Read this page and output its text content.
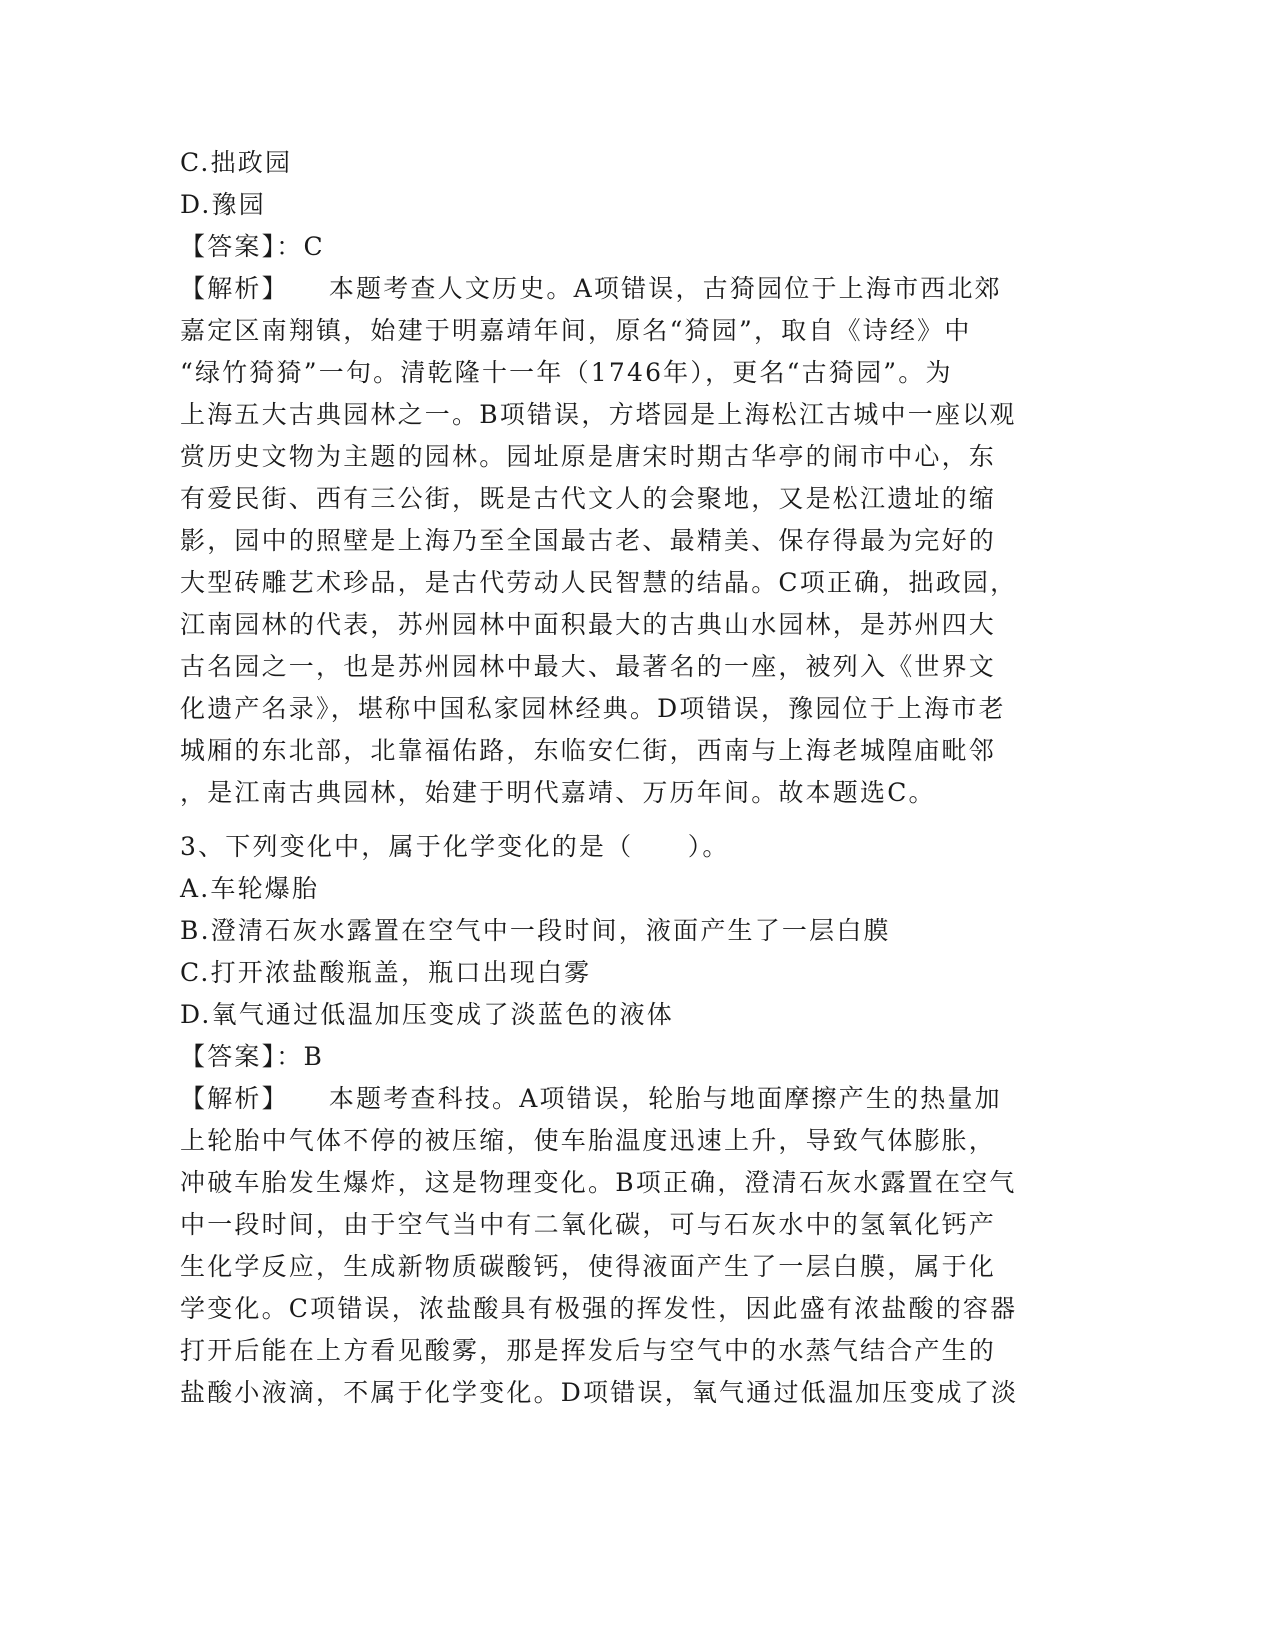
C.拙政园
D.豫园
【答案】：C
【解析】 本题考查人文历史。A项错误，古猗园位于上海市西北郊
嘉定区南翔镇，始建于明嘉靖年间，原名“猗园”，取自《诗经》中
“绿竹猗猗”一句。清乾隆十一年（1746年），更名“古猗园”。为
上海五大古典园林之一。B项错误，方塔园是上海松江古城中一座以观
赏历史文物为主题的园林。园址原是唐宋时期古华亭的闹市中心，东
有爱民街、西有三公街，既是古代文人的会聚地，又是松江遗址的缩
影，园中的照壁是上海乃至全国最古老、最精美、保存得最为完好的
大型砖雕艺术珍品，是古代劳动人民智慧的结晶。C项正确，拙政园，
江南园林的代表，苏州园林中面积最大的古典山水园林，是苏州四大
古名园之一，也是苏州园林中最大、最著名的一座，被列入《世界文
化遗产名录》，堪称中国私家园林经典。D项错误，豫园位于上海市老
城厢的东北部，北靠福佑路，东临安仁街，西南与上海老城隍庙毗邻
，是江南古典园林，始建于明代嘉靖、万历年间。故本题选C。
3、下列变化中，属于化学变化的是（　　）。
A.车轮爆胎
B.澄清石灰水露置在空气中一段时间，液面产生了一层白膜
C.打开浓盐酸瓶盖，瓶口出现白雾
D.氧气通过低温加压变成了淡蓝色的液体
【答案】：B
【解析】 本题考查科技。A项错误，轮胎与地面摩擦产生的热量加
上轮胎中气体不停的被压缩，使车胎温度迅速上升，导致气体膨胀，
冲破车胎发生爆炸，这是物理变化。B项正确，澄清石灰水露置在空气
中一段时间，由于空气当中有二氧化碳，可与石灰水中的氢氧化钙产
生化学反应，生成新物质碳酸钙，使得液面产生了一层白膜，属于化
学变化。C项错误，浓盐酸具有极强的挥发性，因此盛有浓盐酸的容器
打开后能在上方看见酸雾，那是挥发后与空气中的水蒸气结合产生的
盐酸小液滴，不属于化学变化。D项错误，氧气通过低温加压变成了淡
